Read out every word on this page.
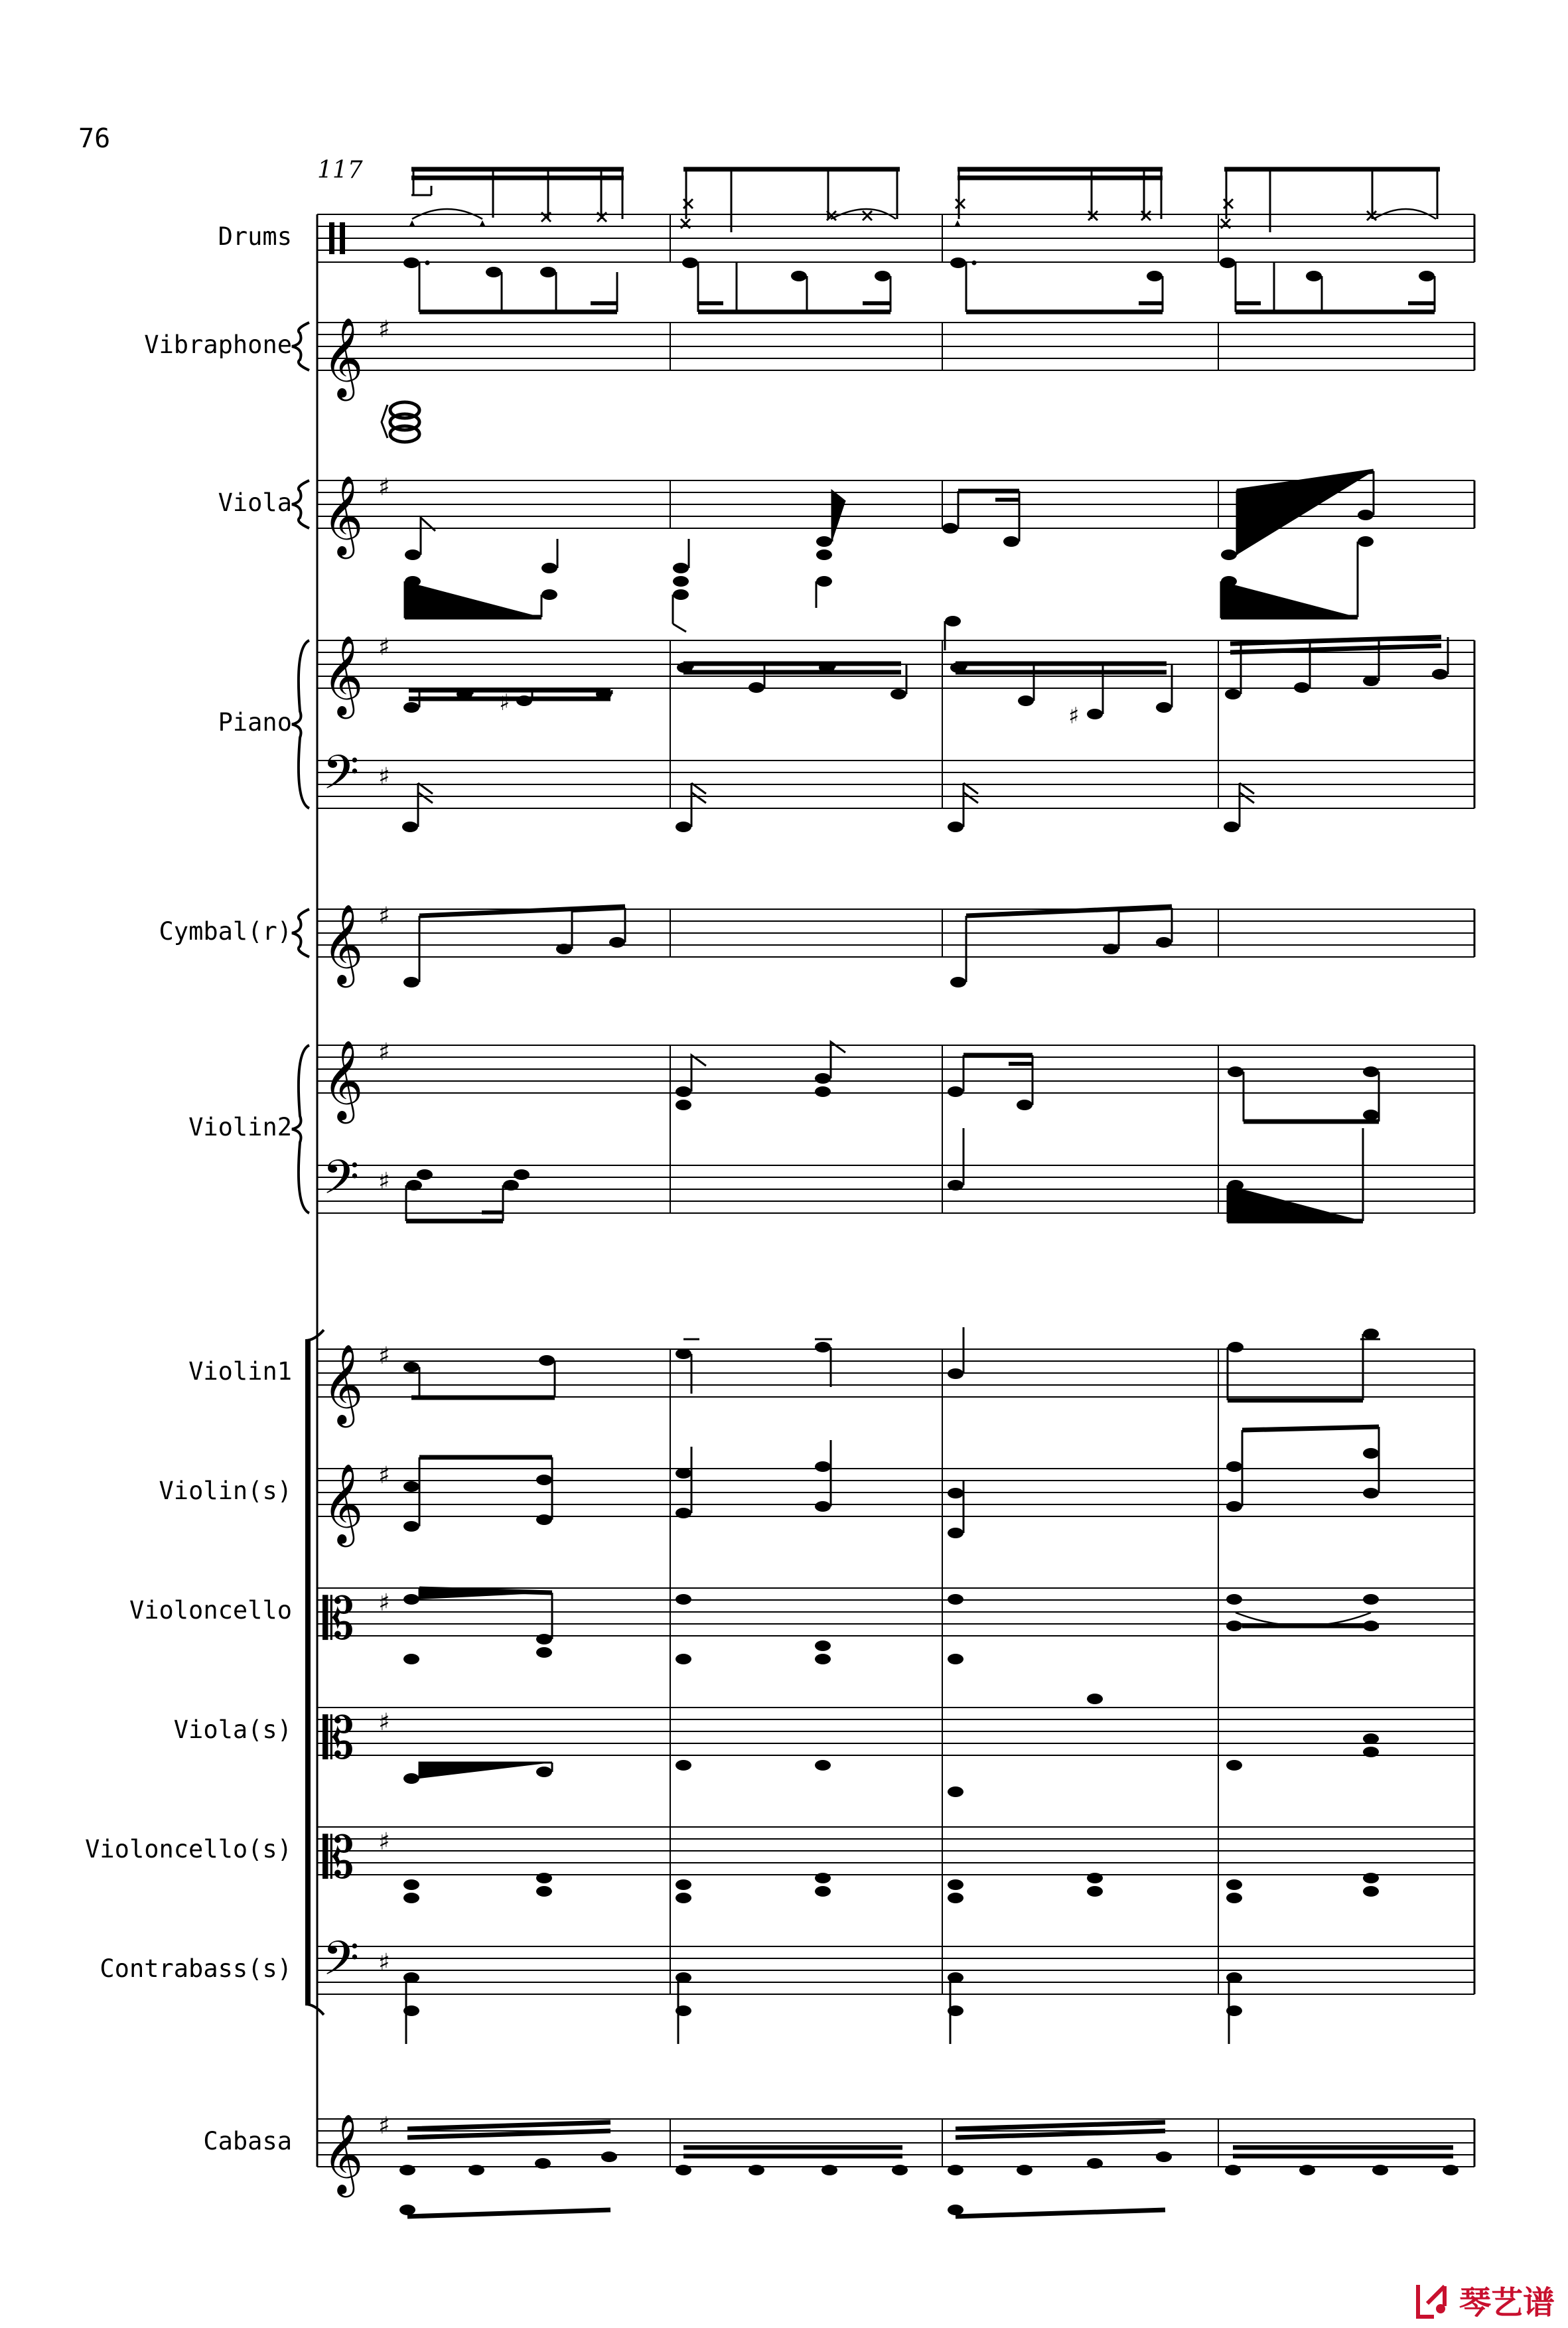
𝄞 ♯
𝄞 ♯
𝄞 ♯
𝄢 ♯
𝄞 ♯
𝄞 ♯
𝄢 ♯
𝄞 ♯
𝄞 ♯
𝄡 ♯
𝄡 ♯
𝄡 ♯
𝄢 ♯
𝄞 ♯
♯	♯
76
117
Drums
Vibraphone
Viola
Piano
Cymbal(r)
Violin2
Violin1
Violin(s)
Violoncello
Viola(s)
Violoncello(s)
Contrabass(s)
Cabasa
琴艺谱
